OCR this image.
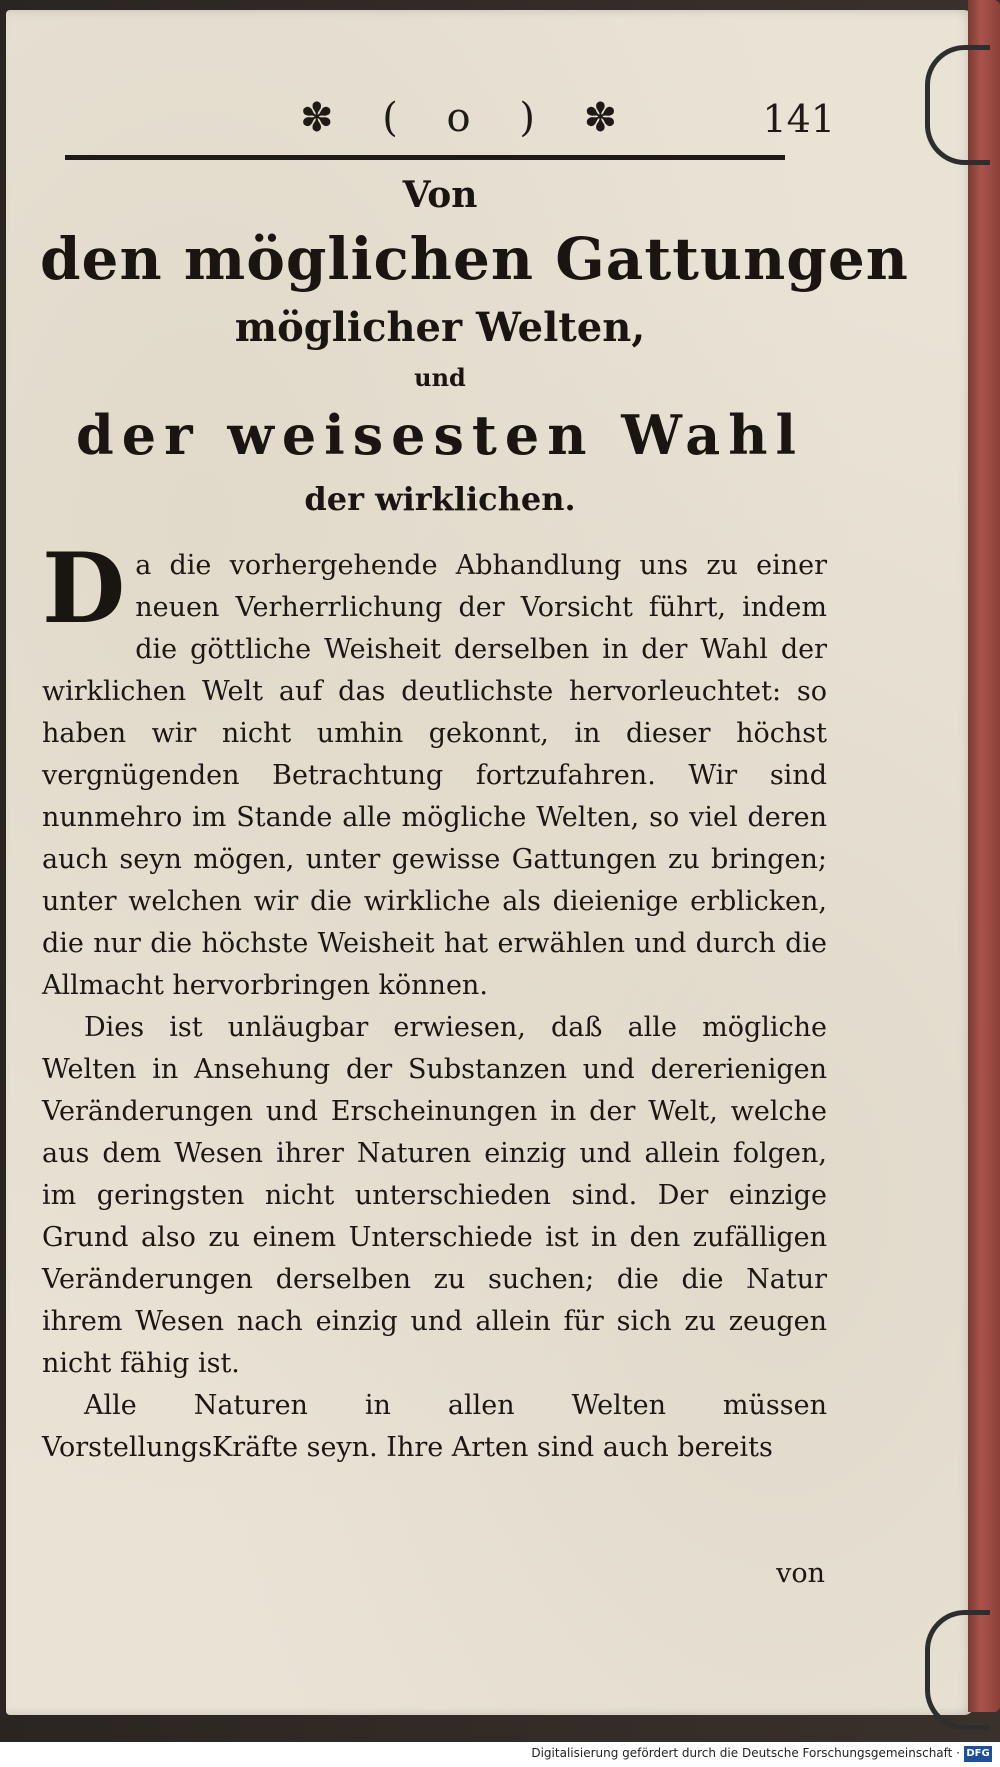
✽ ( o ) ✽	141
Von
den möglichen Gattungen
möglicher Welten,
und
der weisesten Wahl
der wirklichen.

Da die vorhergehende Abhandlung uns zu einer neuen Verherrlichung der Vorsicht führt, indem die göttliche Weisheit derselben in der Wahl der wirklichen Welt auf das deutlichste hervorleuchtet: so haben wir nicht umhin gekonnt, in dieser höchst vergnügenden Betrachtung fortzufahren. Wir sind nunmehro im Stande alle mögliche Welten, so viel deren auch seyn mögen, unter gewisse Gattungen zu bringen; unter welchen wir die wirkliche als dieienige erblicken, die nur die höchste Weisheit hat erwählen und durch die Allmacht hervorbringen können.

Dies ist unläugbar erwiesen, daß alle mögliche Welten in Ansehung der Substanzen und dererienigen Veränderungen und Erscheinungen in der Welt, welche aus dem Wesen ihrer Naturen einzig und allein folgen, im geringsten nicht unterschieden sind. Der einzige Grund also zu einem Unterschiede ist in den zufälligen Veränderungen derselben zu suchen; die die Natur ihrem Wesen nach einzig und allein für sich zu zeugen nicht fähig ist.

Alle Naturen in allen Welten müssen VorstellungsKräfte seyn. Ihre Arten sind auch bereits

von
Digitalisierung gefördert durch die Deutsche Forschungsgemeinschaft · DFG
